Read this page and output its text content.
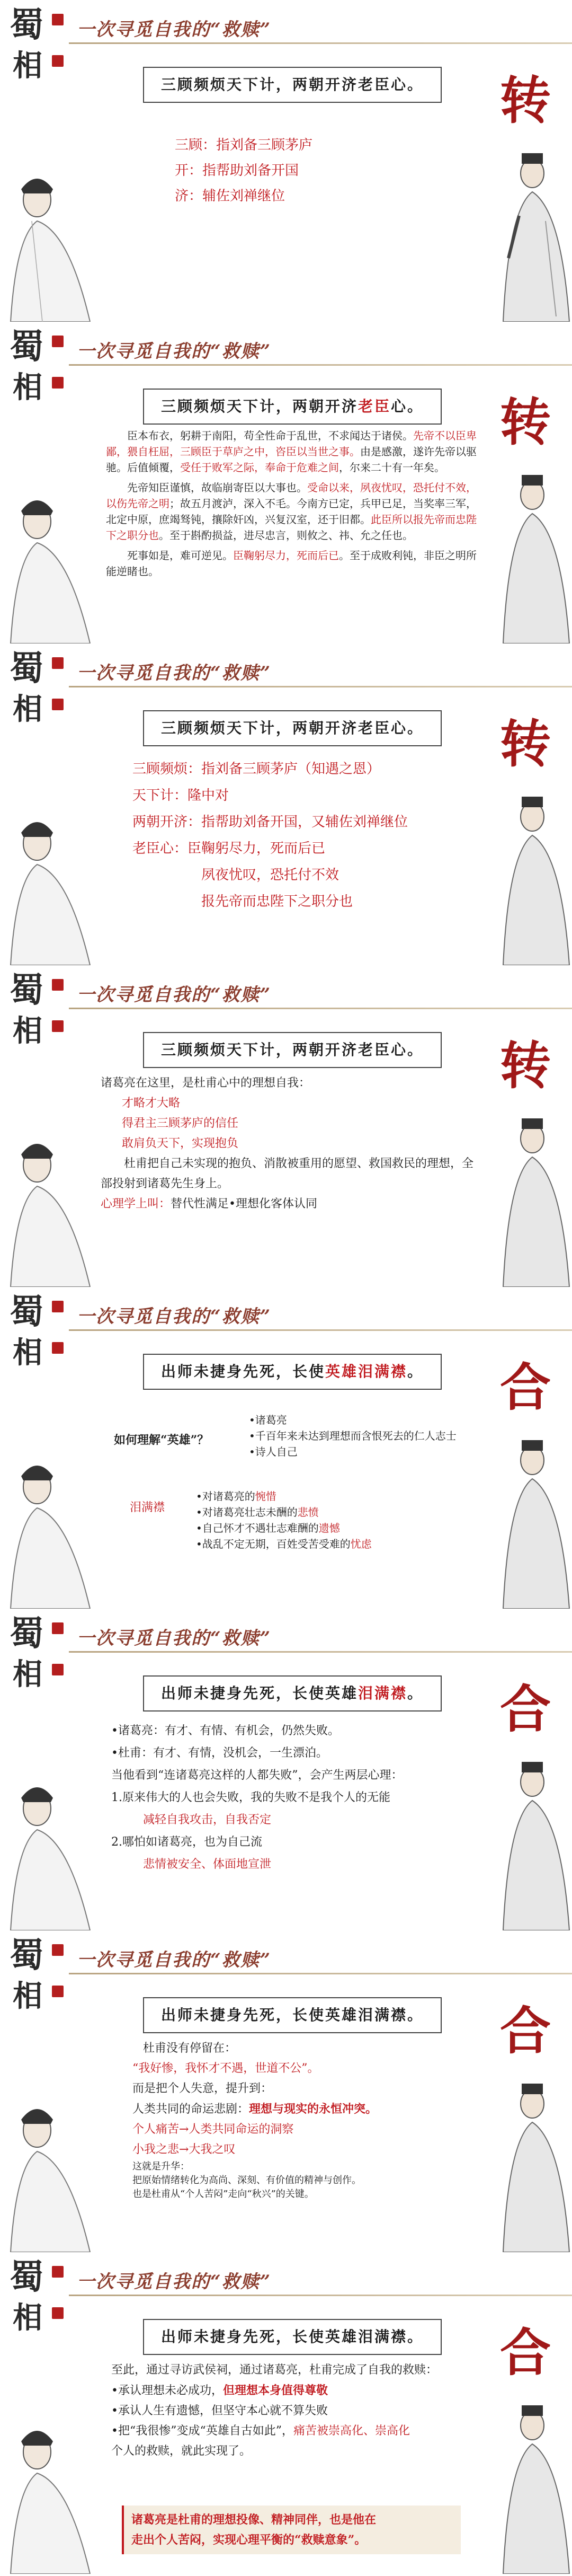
蜀
相
一次寻觅自我的“救赎”
转
三顾频烦天下计，两朝开济老臣心。
三顾：指刘备三顾茅庐
开：指帮助刘备开国
济：辅佐刘禅继位
蜀
相
一次寻觅自我的“救赎”
转
三顾频烦天下计，两朝开济老臣心。
　　臣本布衣，躬耕于南阳，苟全性命于乱世，不求闻达于诸侯。先帝不以臣卑鄙，猥自枉屈，三顾臣于草庐之中，咨臣以当世之事。由是感激，遂许先帝以驱驰。后值倾覆，受任于败军之际，奉命于危难之间，尔来二十有一年矣。
　　先帝知臣谨慎，故临崩寄臣以大事也。受命以来，夙夜忧叹，恐托付不效，以伤先帝之明；故五月渡泸，深入不毛。今南方已定，兵甲已足，当奖率三军，北定中原，庶竭驽钝，攘除奸凶，兴复汉室，还于旧都。此臣所以报先帝而忠陛下之职分也。至于斟酌损益，进尽忠言，则攸之、祎、允之任也。
　　死事如是，难可逆见。臣鞠躬尽力，死而后已。至于成败利钝，非臣之明所能逆睹也。
蜀
相
一次寻觅自我的“救赎”
转
三顾频烦天下计，两朝开济老臣心。
三顾频烦：指刘备三顾茅庐（知遇之恩）
天下计：隆中对
两朝开济：指帮助刘备开国，又辅佐刘禅继位
老臣心：臣鞠躬尽力，死而后已
夙夜忧叹，恐托付不效
报先帝而忠陛下之职分也
蜀
相
一次寻觅自我的“救赎”
转
三顾频烦天下计，两朝开济老臣心。
诸葛亮在这里，是杜甫心中的理想自我：
才略才大略
得君主三顾茅庐的信任
敢肩负天下，实现抱负
杜甫把自己未实现的抱负、消散被重用的愿望、救国救民的理想，全部投射到诸葛先生身上。
心理学上叫：替代性满足•理想化客体认同
蜀
相
一次寻觅自我的“救赎”
合
出师未捷身先死，长使英雄泪满襟。
如何理解“英雄”？
•诸葛亮
•千百年来未达到理想而含恨死去的仁人志士
•诗人自己
泪满襟
•对诸葛亮的惋惜
•对诸葛亮壮志未酬的悲愤
•自己怀才不遇壮志难酬的遗憾
•战乱不定无期，百姓受苦受难的忧虑
蜀
相
一次寻觅自我的“救赎”
合
出师未捷身先死，长使英雄泪满襟。
•诸葛亮：有才、有情、有机会，仍然失败。
•杜甫：有才、有情，没机会，一生漂泊。
当他看到“连诸葛亮这样的人都失败”，会产生两层心理：
1.原来伟大的人也会失败，我的失败不是我个人的无能
减轻自我攻击，自我否定
2.哪怕如诸葛亮，也为自己流
悲情被安全、体面地宣泄
蜀
相
一次寻觅自我的“救赎”
合
出师未捷身先死，长使英雄泪满襟。
杜甫没有停留在：
“我好惨，我怀才不遇，世道不公”。
而是把个人失意，提升到：
人类共同的命运悲剧：理想与现实的永恒冲突。
个人痛苦→人类共同命运的洞察
小我之悲→大我之叹
这就是升华：
把原始情绪转化为高尚、深刻、有价值的精神与创作。
也是杜甫从“个人苦闷”走向“秋兴”的关键。
蜀
相
一次寻觅自我的“救赎”
合
出师未捷身先死，长使英雄泪满襟。
至此，通过寻访武侯祠，通过诸葛亮，杜甫完成了自我的救赎：
•承认理想未必成功，但理想本身值得尊敬
•承认人生有遗憾，但坚守本心就不算失败
•把“我很惨”变成“英雄自古如此”，痛苦被崇高化、崇高化
个人的救赎，就此实现了。
诸葛亮是杜甫的理想投像、精神同伴，也是他在
走出个人苦闷，实现心理平衡的“救赎意象”。
